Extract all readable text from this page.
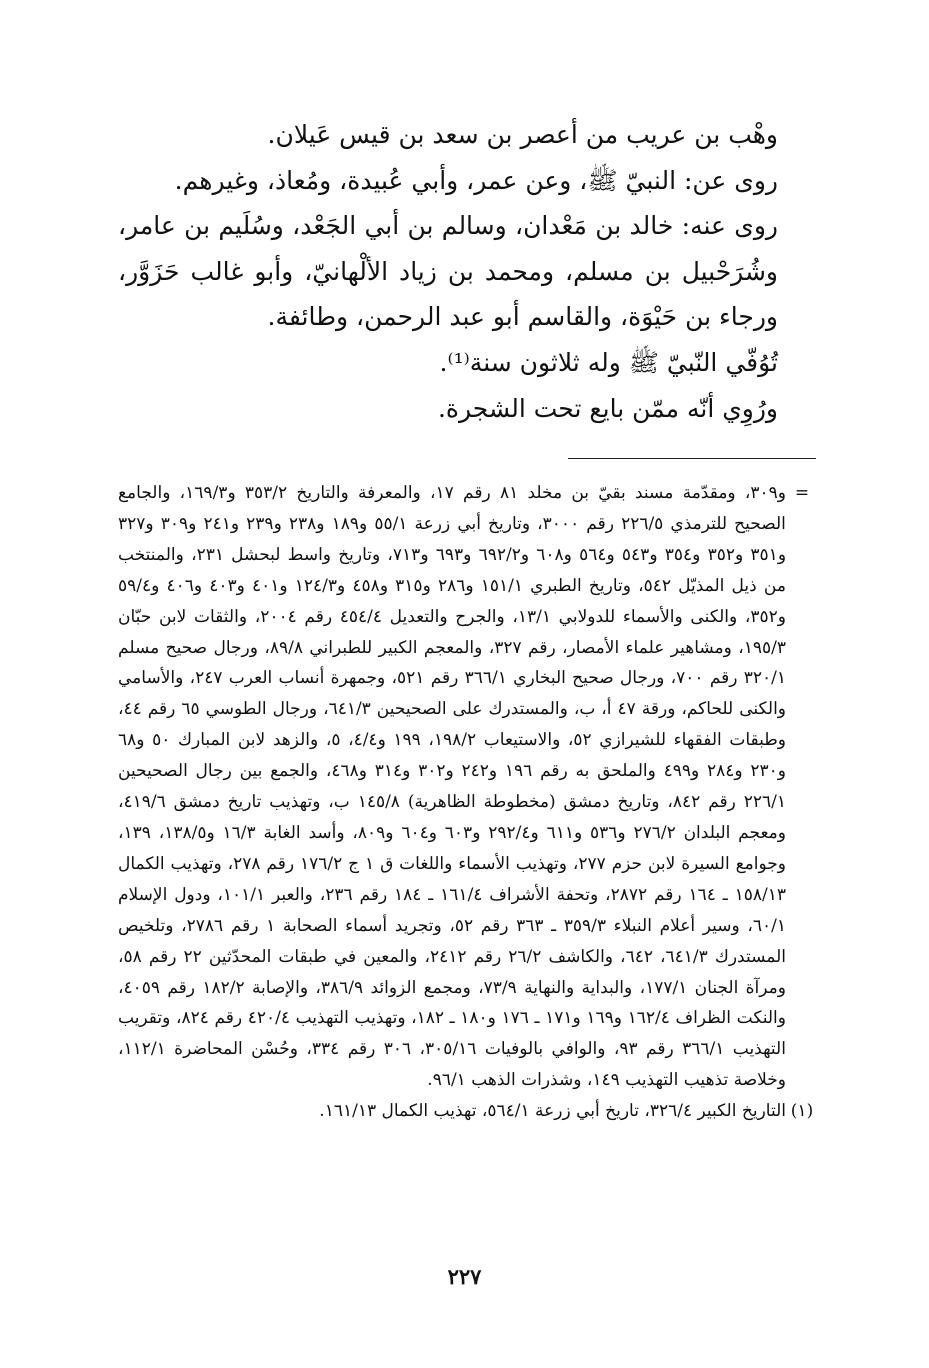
وهْب بن عريب من أعصر بن سعد بن قيس عَيلان.

روى عن: النبيّ ﷺ، وعن عمر، وأبي عُبيدة، ومُعاذ، وغيرهم.

روى عنه: خالد بن مَعْدان، وسالم بن أبي الجَعْد، وسُلَيم بن عامر، وشُرَحْبيل بن مسلم، ومحمد بن زياد الألْهانيّ، وأبو غالب حَزَوَّر، ورجاء بن حَيْوَة، والقاسم أبو عبد الرحمن، وطائفة.

تُوُفّي النّبيّ ﷺ وله ثلاثون سنة⁽¹⁾.

ورُوِي أنّه ممّن بايع تحت الشجرة.

=

و٣٠٩، ومقدّمة مسند بقيّ بن مخلد ٨١ رقم ١٧، والمعرفة والتاريخ ٣٥٣/٢ و١٦٩/٣، والجامع الصحيح للترمذي ٢٢٦/٥ رقم ٣٠٠٠، وتاريخ أبي زرعة ٥٥/١ و١٨٩ و٢٣٨ و٢٣٩ و٢٤١ و٣٠٩ و٣٢٧ و٣٥١ و٣٥٢ و٣٥٤ و٥٤٣ و٥٦٤ و٦٠٨ و٦٩٢/٢ و٦٩٣ و٧١٣، وتاريخ واسط لبحشل ٢٣١، والمنتخب من ذيل المذيّل ٥٤٢، وتاريخ الطبري ١٥١/١ و٢٨٦ و٣١٥ و٤٥٨ و١٢٤/٣ و٤٠١ و٤٠٣ و٤٠٦ و٥٩/٤ و٣٥٢، والكنى والأسماء للدولابي ١٣/١، والجرح والتعديل ٤٥٤/٤ رقم ٢٠٠٤، والثقات لابن حبّان ١٩٥/٣، ومشاهير علماء الأمصار، رقم ٣٢٧، والمعجم الكبير للطبراني ٨٩/٨، ورجال صحيح مسلم ٣٢٠/١ رقم ٧٠٠، ورجال صحيح البخاري ٣٦٦/١ رقم ٥٢١، وجمهرة أنساب العرب ٢٤٧، والأسامي والكنى للحاكم، ورقة ٤٧ أ، ب، والمستدرك على الصحيحين ٦٤١/٣، ورجال الطوسي ٦٥ رقم ٤٤، وطبقات الفقهاء للشيرازي ٥٢، والاستيعاب ١٩٨/٢، ١٩٩ و٤/٤، ٥، والزهد لابن المبارك ٥٠ و٦٨ و٢٣٠ و٢٨٤ و٤٩٩ والملحق به رقم ١٩٦ و٢٤٢ و٣٠٢ و٣١٤ و٤٦٨، والجمع بين رجال الصحيحين ٢٢٦/١ رقم ٨٤٢، وتاريخ دمشق (مخطوطة الظاهرية) ١٤٥/٨ ب، وتهذيب تاريخ دمشق ٤١٩/٦، ومعجم البلدان ٢٧٦/٢ و٥٣٦ و٦١١ و٢٩٢/٤ و٦٠٣ و٦٠٤ و٨٠٩، وأسد الغابة ١٦/٣ و١٣٨/٥، ١٣٩، وجوامع السيرة لابن حزم ٢٧٧، وتهذيب الأسماء واللغات ق ١ ج ١٧٦/٢ رقم ٢٧٨، وتهذيب الكمال ١٥٨/١٣ ـ ١٦٤ رقم ٢٨٧٢، وتحفة الأشراف ١٦١/٤ ـ ١٨٤ رقم ٢٣٦، والعبر ١٠١/١، ودول الإسلام ٦٠/١، وسير أعلام النبلاء ٣٥٩/٣ ـ ٣٦٣ رقم ٥٢، وتجريد أسماء الصحابة ١ رقم ٢٧٨٦، وتلخيص المستدرك ٦٤١/٣، ٦٤٢، والكاشف ٢٦/٢ رقم ٢٤١٢، والمعين في طبقات المحدّثين ٢٢ رقم ٥٨، ومرآة الجنان ١٧٧/١، والبداية والنهاية ٧٣/٩، ومجمع الزوائد ٣٨٦/٩، والإصابة ١٨٢/٢ رقم ٤٠٥٩، والنكت الظراف ١٦٢/٤ و١٦٩ و١٧١ ـ ١٧٦ و١٨٠ ـ ١٨٢، وتهذيب التهذيب ٤٢٠/٤ رقم ٨٢٤، وتقريب التهذيب ٣٦٦/١ رقم ٩٣، والوافي بالوفيات ٣٠٥/١٦، ٣٠٦ رقم ٣٣٤، وحُسْن المحاضرة ١١٢/١، وخلاصة تذهيب التهذيب ١٤٩، وشذرات الذهب ٩٦/١.

(١)

التاريخ الكبير ٣٢٦/٤، تاريخ أبي زرعة ٥٦٤/١، تهذيب الكمال ١٦١/١٣.

٢٢٧
